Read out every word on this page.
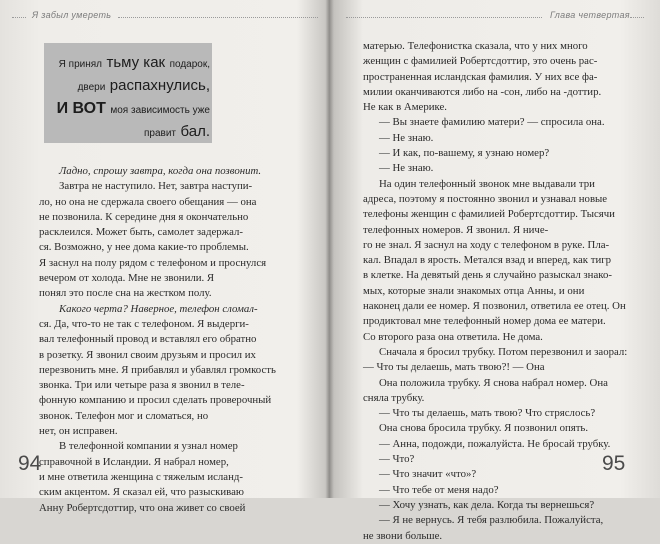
Я забыл умереть
Я принял тьму как подарок,
двери распахнулись,
И ВОТ моя зависимость уже
правит бал.
Ладно, спрошу завтра, когда она позвонит.
Завтра не наступило. Нет, завтра наступи-
ло, но она не сдержала своего обещания — она
не позвонила. К середине дня я окончательно
расклеился. Может быть, самолет задержал-
ся. Возможно, у нее дома какие-то проблемы.
Я заснул на полу рядом с телефоном и проснулся
вечером от холода. Мне не звонили. Я
понял это после сна на жестком полу.
Какого черта? Наверное, телефон сломал-
ся. Да, что-то не так с телефоном. Я выдерги-
вал телефонный провод и вставлял его обратно
в розетку. Я звонил своим друзьям и просил их
перезвонить мне. Я прибавлял и убавлял громкость
звонка. Три или четыре раза я звонил в теле-
фонную компанию и просил сделать проверочный
звонок. Телефон мог и сломаться, но
нет, он исправен.
В телефонной компании я узнал номер
справочной в Исландии. Я набрал номер,
и мне ответила женщина с тяжелым исланд-
ским акцентом. Я сказал ей, что разыскиваю
Анну Робертсдоттир, что она живет со своей
94
Глава четвертая
матерью. Телефонистка сказала, что у них много
женщин с фамилией Робертсдоттир, это очень рас-
пространенная исландская фамилия. У них все фа-
милии оканчиваются либо на -сон, либо на -доттир.
Не как в Америке.
— Вы знаете фамилию матери? — спросила она.
— Не знаю.
— И как, по-вашему, я узнаю номер?
— Не знаю.
На один телефонный звонок мне выдавали три
адреса, поэтому я постоянно звонил и узнавал новые
телефоны женщин с фамилией Робертсдоттир. Тысячи
телефонных номеров. Я звонил. Я ниче-
го не знал. Я заснул на ходу с телефоном в руке. Пла-
кал. Впадал в ярость. Метался взад и вперед, как тигр
в клетке. На девятый день я случайно разыскал знако-
мых, которые знали знакомых отца Анны, и они
наконец дали ее номер. Я позвонил, ответила ее отец. Он
продиктовал мне телефонный номер дома ее матери.
Со второго раза она ответила. Не дома.
Сначала я бросил трубку. Потом перезвонил и заорал:
— Что ты делаешь, мать твою?! — Она
Она положила трубку. Я снова набрал номер. Она
сняла трубку.
— Что ты делаешь, мать твою? Что стряслось?
Она снова бросила трубку. Я позвонил опять.
— Анна, подожди, пожалуйста. Не бросай трубку.
— Что?
— Что значит «что»?
— Что тебе от меня надо?
— Хочу узнать, как дела. Когда ты вернешься?
— Я не вернусь. Я тебя разлюбила. Пожалуйста,
не звони больше.
95
